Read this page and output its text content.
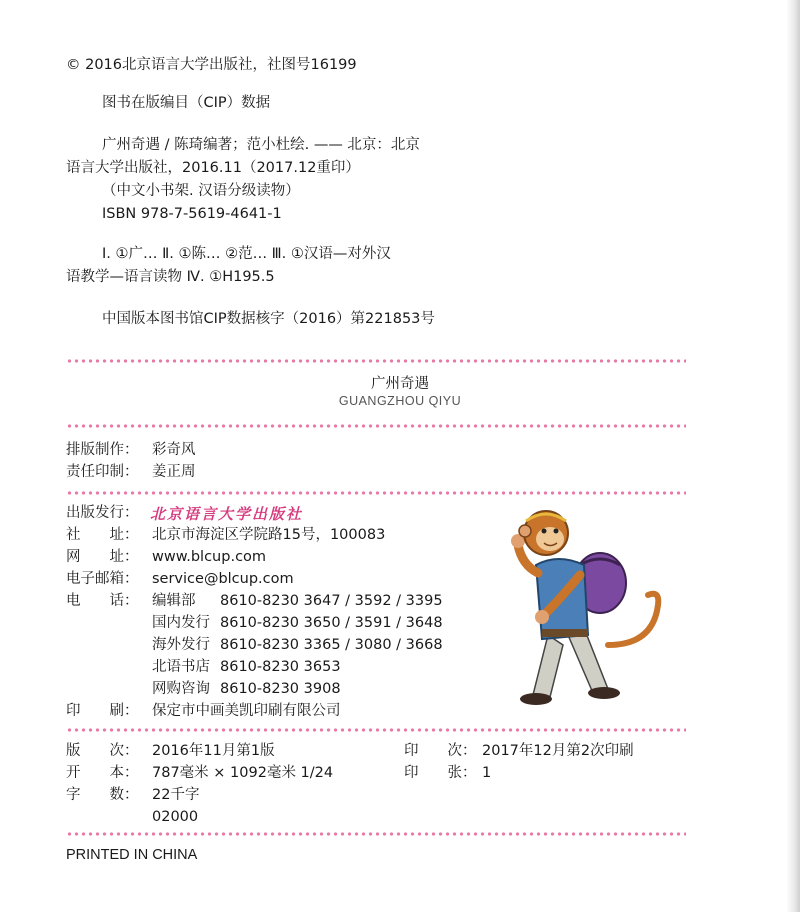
© 2016北京语言大学出版社，社图号16199
图书在版编目（CIP）数据
广州奇遇 / 陈琦编著；范小杜绘. —— 北京：北京
语言大学出版社，2016.11（2017.12重印）
（中文小书架. 汉语分级读物）
ISBN 978-7-5619-4641-1
Ⅰ. ①广… Ⅱ. ①陈… ②范… Ⅲ. ①汉语—对外汉
语教学—语言读物 Ⅳ. ①H195.5
中国版本图书馆CIP数据核字（2016）第221853号
广州奇遇
GUANGZHOU QIYU
排版制作： 彩奇风
责任印制： 姜正周
出版发行： 北京语言大学出版社
社　　址： 北京市海淀区学院路15号，100083
网　　址： www.blcup.com
电子邮箱： service@blcup.com
电　　话： 编辑部 8610-8230 3647 / 3592 / 3395
国内发行 8610-8230 3650 / 3591 / 3648
海外发行 8610-8230 3365 / 3080 / 3668
北语书店 8610-8230 3653
网购咨询 8610-8230 3908
印　　刷： 保定市中画美凯印刷有限公司
版　　次： 2016年11月第1版	印　　次： 2017年12月第2次印刷
开　　本： 787毫米 × 1092毫米 1/24	印　　张： 1
字　　数： 22千字
02000
PRINTED IN CHINA
